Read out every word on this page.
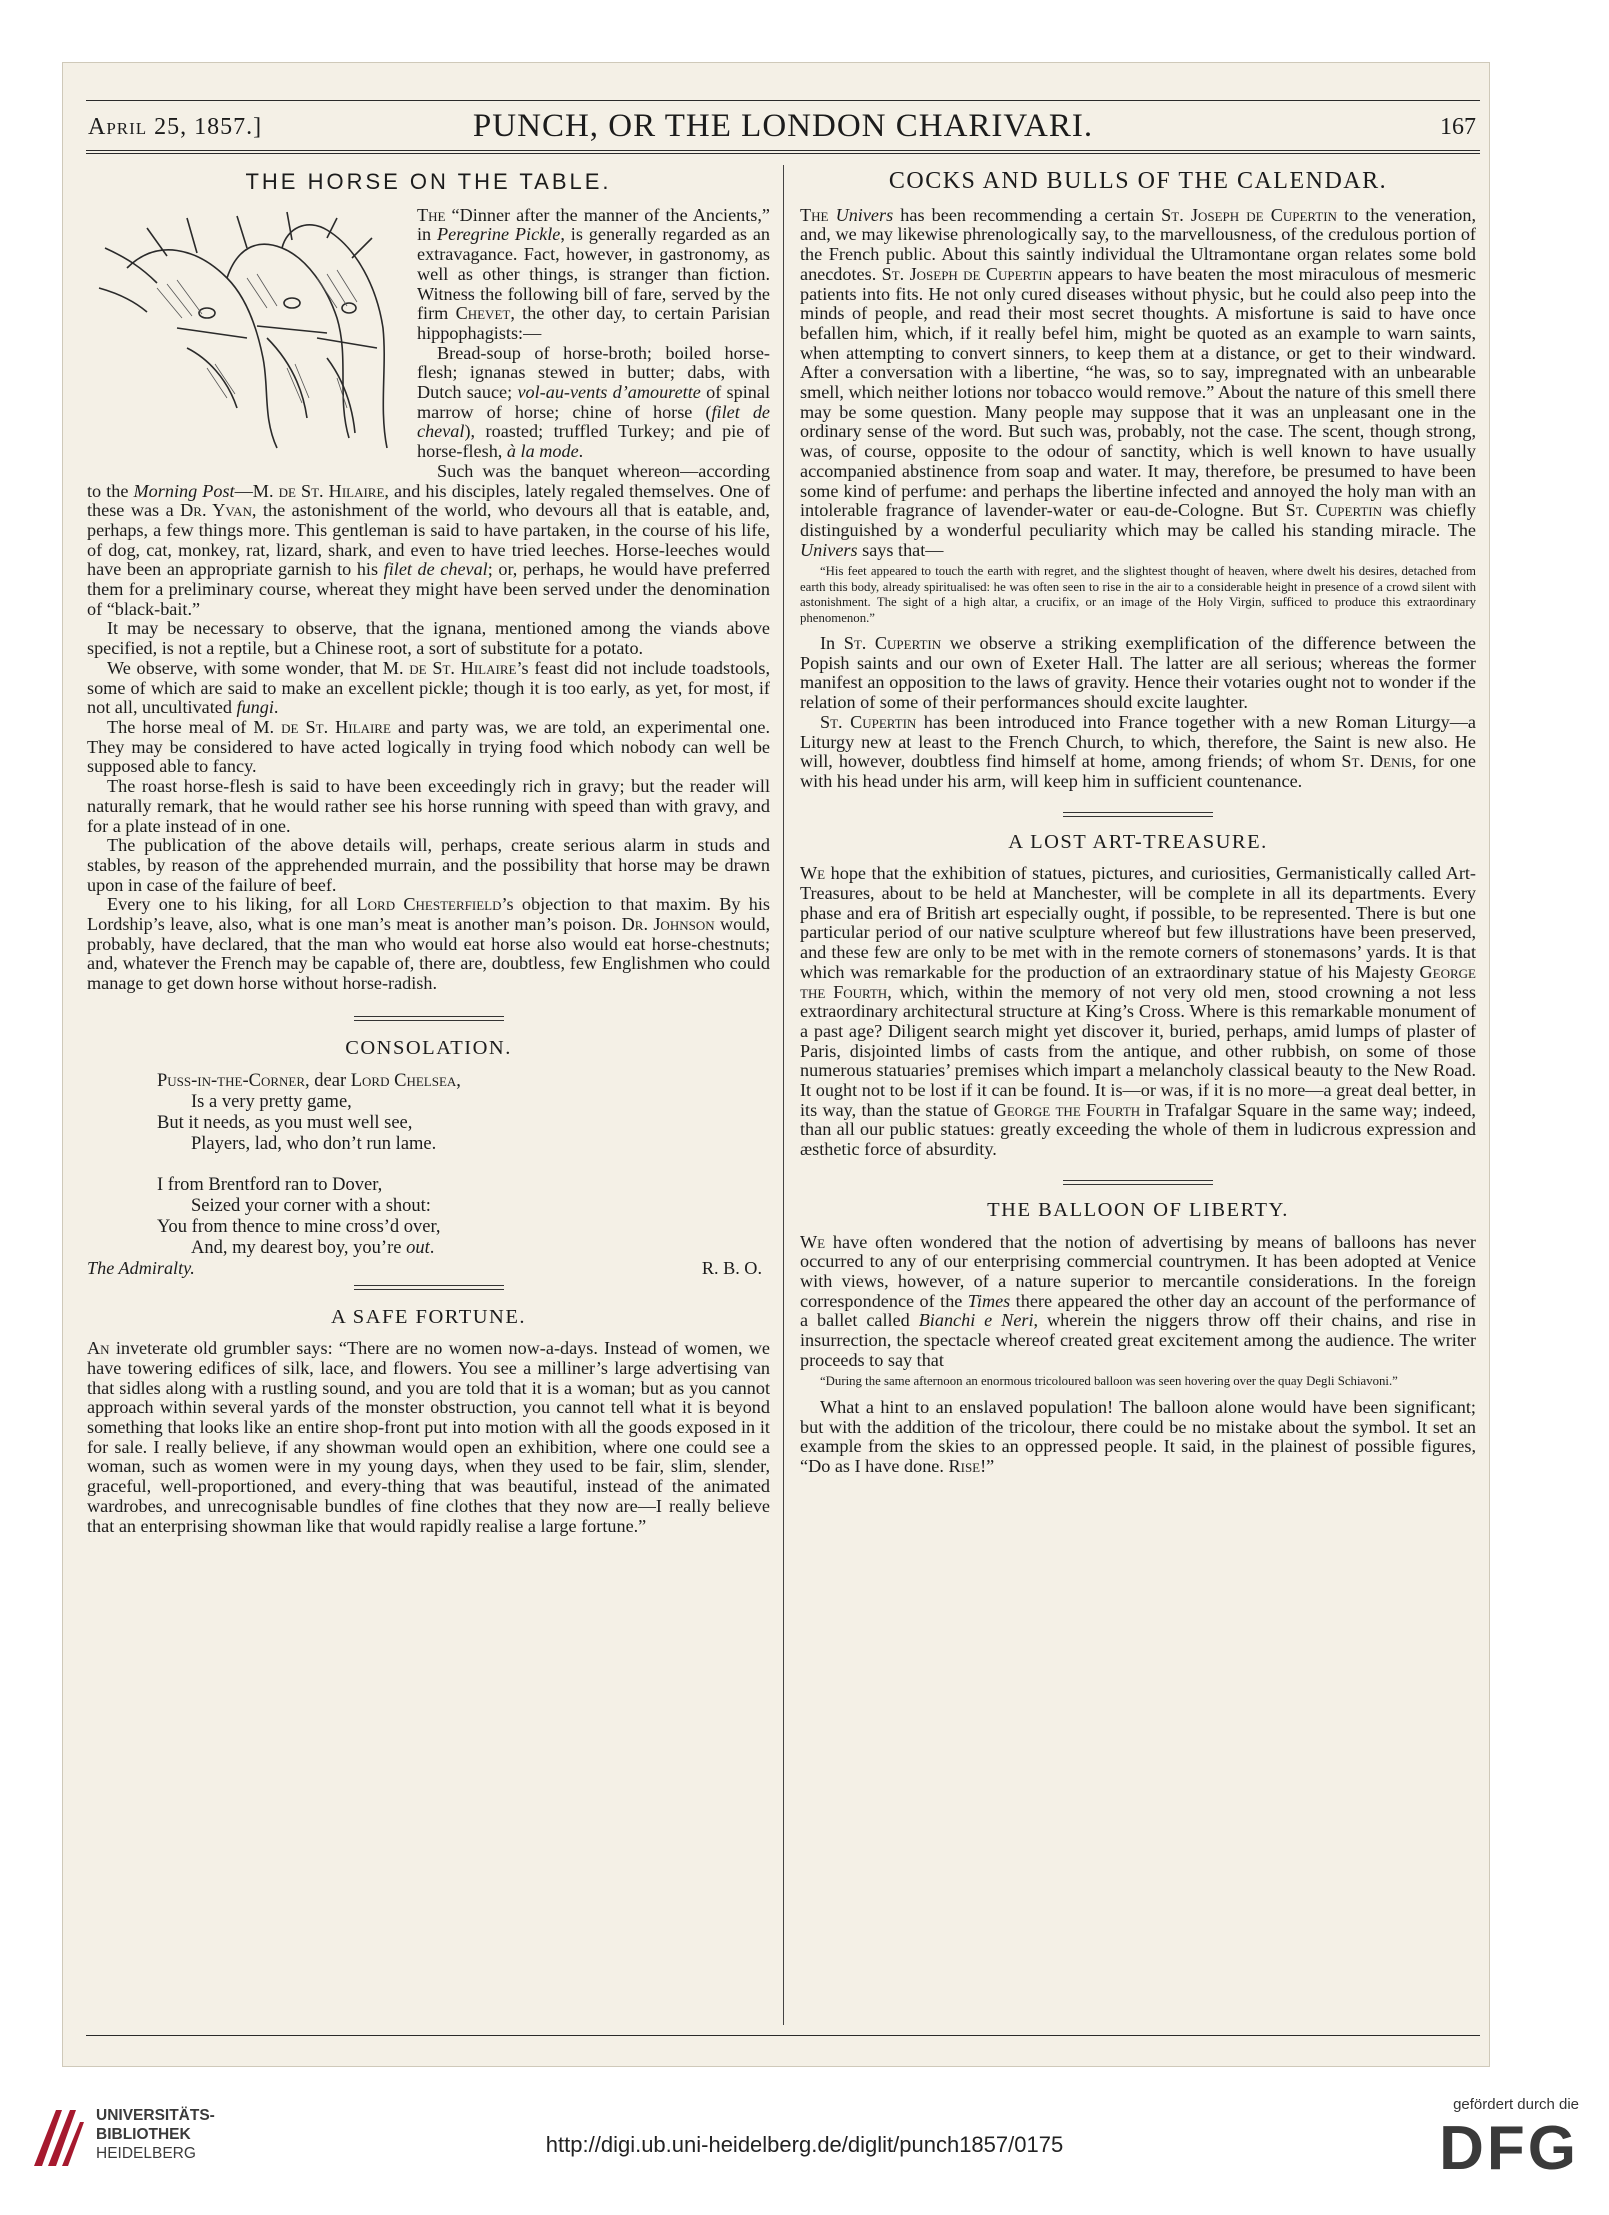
April 25, 1857.]	PUNCH, OR THE LONDON CHARIVARI.	167
THE HORSE ON THE TABLE.

The “Dinner after the manner of the Ancients,” in Peregrine Pickle, is generally regarded as an extravagance. Fact, however, in gastronomy, as well as other things, is stranger than fiction. Witness the following bill of fare, served by the firm Chevet, the other day, to certain Parisian hippophagists:—

Bread-soup of horse-broth; boiled horse-flesh; ignanas stewed in butter; dabs, with Dutch sauce; vol-au-vents d’amourette of spinal marrow of horse; chine of horse (filet de cheval), roasted; truffled Turkey; and pie of horse-flesh, à la mode.

Such was the banquet whereon—according to the Morning Post—M. de St. Hilaire, and his disciples, lately regaled themselves. One of these was a Dr. Yvan, the astonishment of the world, who devours all that is eatable, and, perhaps, a few things more. This gentleman is said to have partaken, in the course of his life, of dog, cat, monkey, rat, lizard, shark, and even to have tried leeches. Horse-leeches would have been an appropriate garnish to his filet de cheval; or, perhaps, he would have preferred them for a preliminary course, whereat they might have been served under the denomination of “black-bait.”

It may be necessary to observe, that the ignana, mentioned among the viands above specified, is not a reptile, but a Chinese root, a sort of substitute for a potato.

We observe, with some wonder, that M. de St. Hilaire’s feast did not include toadstools, some of which are said to make an excellent pickle; though it is too early, as yet, for most, if not all, uncultivated fungi.

The horse meal of M. de St. Hilaire and party was, we are told, an experimental one. They may be considered to have acted logically in trying food which nobody can well be supposed able to fancy.

The roast horse-flesh is said to have been exceedingly rich in gravy; but the reader will naturally remark, that he would rather see his horse running with speed than with gravy, and for a plate instead of in one.

The publication of the above details will, perhaps, create serious alarm in studs and stables, by reason of the apprehended murrain, and the possibility that horse may be drawn upon in case of the failure of beef.

Every one to his liking, for all Lord Chesterfield’s objection to that maxim. By his Lordship’s leave, also, what is one man’s meat is another man’s poison. Dr. Johnson would, probably, have declared, that the man who would eat horse also would eat horse-chestnuts; and, whatever the French may be capable of, there are, doubtless, few Englishmen who could manage to get down horse without horse-radish.

CONSOLATION.
Puss-in-the-Corner, dear Lord Chelsea,
Is a very pretty game,
But it needs, as you must well see,
Players, lad, who don’t run lame.
I from Brentford ran to Dover,
Seized your corner with a shout:
You from thence to mine cross’d over,
And, my dearest boy, you’re out.
The Admiralty.	R. B. O.
A SAFE FORTUNE.

An inveterate old grumbler says: “There are no women now-a-days. Instead of women, we have towering edifices of silk, lace, and flowers. You see a milliner’s large advertising van that sidles along with a rustling sound, and you are told that it is a woman; but as you cannot approach within several yards of the monster obstruction, you cannot tell what it is beyond something that looks like an entire shop-front put into motion with all the goods exposed in it for sale. I really believe, if any showman would open an exhibition, where one could see a woman, such as women were in my young days, when they used to be fair, slim, slender, graceful, well-proportioned, and every-thing that was beautiful, instead of the animated wardrobes, and unrecognisable bundles of fine clothes that they now are—I really believe that an enterprising showman like that would rapidly realise a large fortune.”

COCKS AND BULLS OF THE CALENDAR.

The Univers has been recommending a certain St. Joseph de Cupertin to the veneration, and, we may likewise phrenologically say, to the marvellousness, of the credulous portion of the French public. About this saintly individual the Ultramontane organ relates some bold anecdotes. St. Joseph de Cupertin appears to have beaten the most miraculous of mesmeric patients into fits. He not only cured diseases without physic, but he could also peep into the minds of people, and read their most secret thoughts. A misfortune is said to have once befallen him, which, if it really befel him, might be quoted as an example to warn saints, when attempting to convert sinners, to keep them at a distance, or get to their windward. After a conversation with a libertine, “he was, so to say, impregnated with an unbearable smell, which neither lotions nor tobacco would remove.” About the nature of this smell there may be some question. Many people may suppose that it was an unpleasant one in the ordinary sense of the word. But such was, probably, not the case. The scent, though strong, was, of course, opposite to the odour of sanctity, which is well known to have usually accompanied abstinence from soap and water. It may, therefore, be presumed to have been some kind of perfume: and perhaps the libertine infected and annoyed the holy man with an intolerable fragrance of lavender-water or eau-de-Cologne. But St. Cupertin was chiefly distinguished by a wonderful peculiarity which may be called his standing miracle. The Univers says that—

“His feet appeared to touch the earth with regret, and the slightest thought of heaven, where dwelt his desires, detached from earth this body, already spiritualised: he was often seen to rise in the air to a considerable height in presence of a crowd silent with astonishment. The sight of a high altar, a crucifix, or an image of the Holy Virgin, sufficed to produce this extraordinary phenomenon.”

In St. Cupertin we observe a striking exemplification of the difference between the Popish saints and our own of Exeter Hall. The latter are all serious; whereas the former manifest an opposition to the laws of gravity. Hence their votaries ought not to wonder if the relation of some of their performances should excite laughter.

St. Cupertin has been introduced into France together with a new Roman Liturgy—a Liturgy new at least to the French Church, to which, therefore, the Saint is new also. He will, however, doubtless find himself at home, among friends; of whom St. Denis, for one with his head under his arm, will keep him in sufficient countenance.

A LOST ART-TREASURE.

We hope that the exhibition of statues, pictures, and curiosities, Germanistically called Art-Treasures, about to be held at Manchester, will be complete in all its departments. Every phase and era of British art especially ought, if possible, to be represented. There is but one particular period of our native sculpture whereof but few illustrations have been preserved, and these few are only to be met with in the remote corners of stonemasons’ yards. It is that which was remarkable for the production of an extraordinary statue of his Majesty George the Fourth, which, within the memory of not very old men, stood crowning a not less extraordinary architectural structure at King’s Cross. Where is this remarkable monument of a past age? Diligent search might yet discover it, buried, perhaps, amid lumps of plaster of Paris, disjointed limbs of casts from the antique, and other rubbish, on some of those numerous statuaries’ premises which impart a melancholy classical beauty to the New Road. It ought not to be lost if it can be found. It is—or was, if it is no more—a great deal better, in its way, than the statue of George the Fourth in Trafalgar Square in the same way; indeed, than all our public statues: greatly exceeding the whole of them in ludicrous expression and æsthetic force of absurdity.

THE BALLOON OF LIBERTY.

We have often wondered that the notion of advertising by means of balloons has never occurred to any of our enterprising commercial countrymen. It has been adopted at Venice with views, however, of a nature superior to mercantile considerations. In the foreign correspondence of the Times there appeared the other day an account of the performance of a ballet called Bianchi e Neri, wherein the niggers throw off their chains, and rise in insurrection, the spectacle whereof created great excitement among the audience. The writer proceeds to say that

“During the same afternoon an enormous tricoloured balloon was seen hovering over the quay Degli Schiavoni.”

What a hint to an enslaved population! The balloon alone would have been significant; but with the addition of the tricolour, there could be no mistake about the symbol. It set an example from the skies to an oppressed people. It said, in the plainest of possible figures, “Do as I have done. Rise!”

UNIVERSITÄTS-
BIBLIOTHEK
HEIDELBERG	http://digi.ub.uni-heidelberg.de/diglit/punch1857/0175
gefördert durch die
DFG
